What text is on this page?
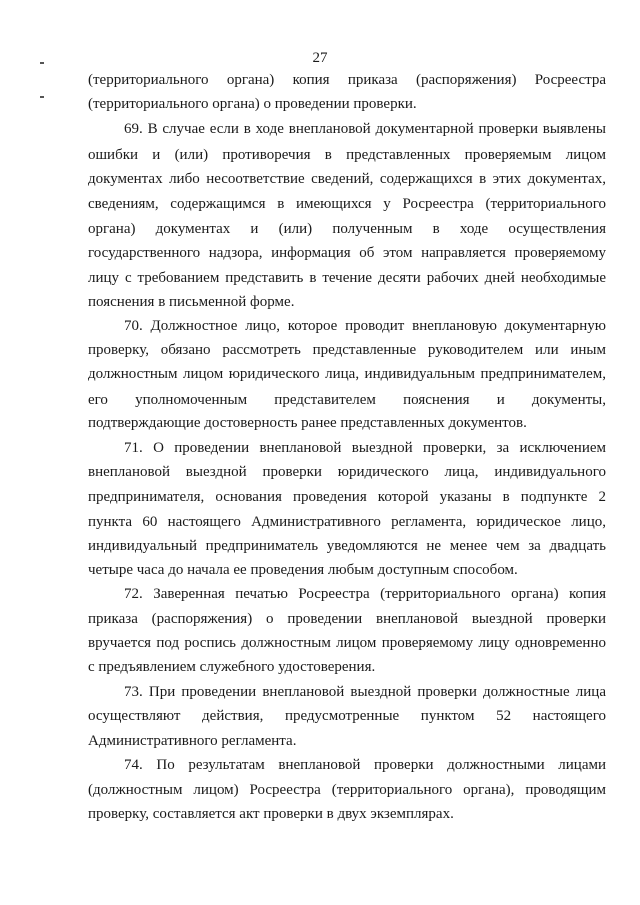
27
(территориального органа) копия приказа (распоряжения) Росреестра
(территориального органа) о проведении проверки.
69. В случае если в ходе внеплановой документарной проверки выявлены
ошибки и (или) противоречия в представленных проверяемым лицом
документах либо несоответствие сведений, содержащихся в этих документах,
сведениям, содержащимся в имеющихся у Росреестра (территориального
органа) документах и (или) полученным в ходе осуществления
государственного надзора, информация об этом направляется проверяемому
лицу с требованием представить в течение десяти рабочих дней необходимые
пояснения в письменной форме.
70. Должностное лицо, которое проводит внеплановую документарную
проверку, обязано рассмотреть представленные руководителем или иным
должностным лицом юридического лица, индивидуальным предпринимателем,
его уполномоченным представителем пояснения и документы,
подтверждающие достоверность ранее представленных документов.
71. О проведении внеплановой выездной проверки, за исключением
внеплановой выездной проверки юридического лица, индивидуального
предпринимателя, основания проведения которой указаны в подпункте 2
пункта 60 настоящего Административного регламента, юридическое лицо,
индивидуальный предприниматель уведомляются не менее чем за двадцать
четыре часа до начала ее проведения любым доступным способом.
72. Заверенная печатью Росреестра (территориального органа) копия
приказа (распоряжения) о проведении внеплановой выездной проверки
вручается под роспись должностным лицом проверяемому лицу одновременно
с предъявлением служебного удостоверения.
73. При проведении внеплановой выездной проверки должностные лица
осуществляют действия, предусмотренные пунктом 52 настоящего
Административного регламента.
74. По результатам внеплановой проверки должностными лицами
(должностным лицом) Росреестра (территориального органа), проводящим
проверку, составляется акт проверки в двух экземплярах.
